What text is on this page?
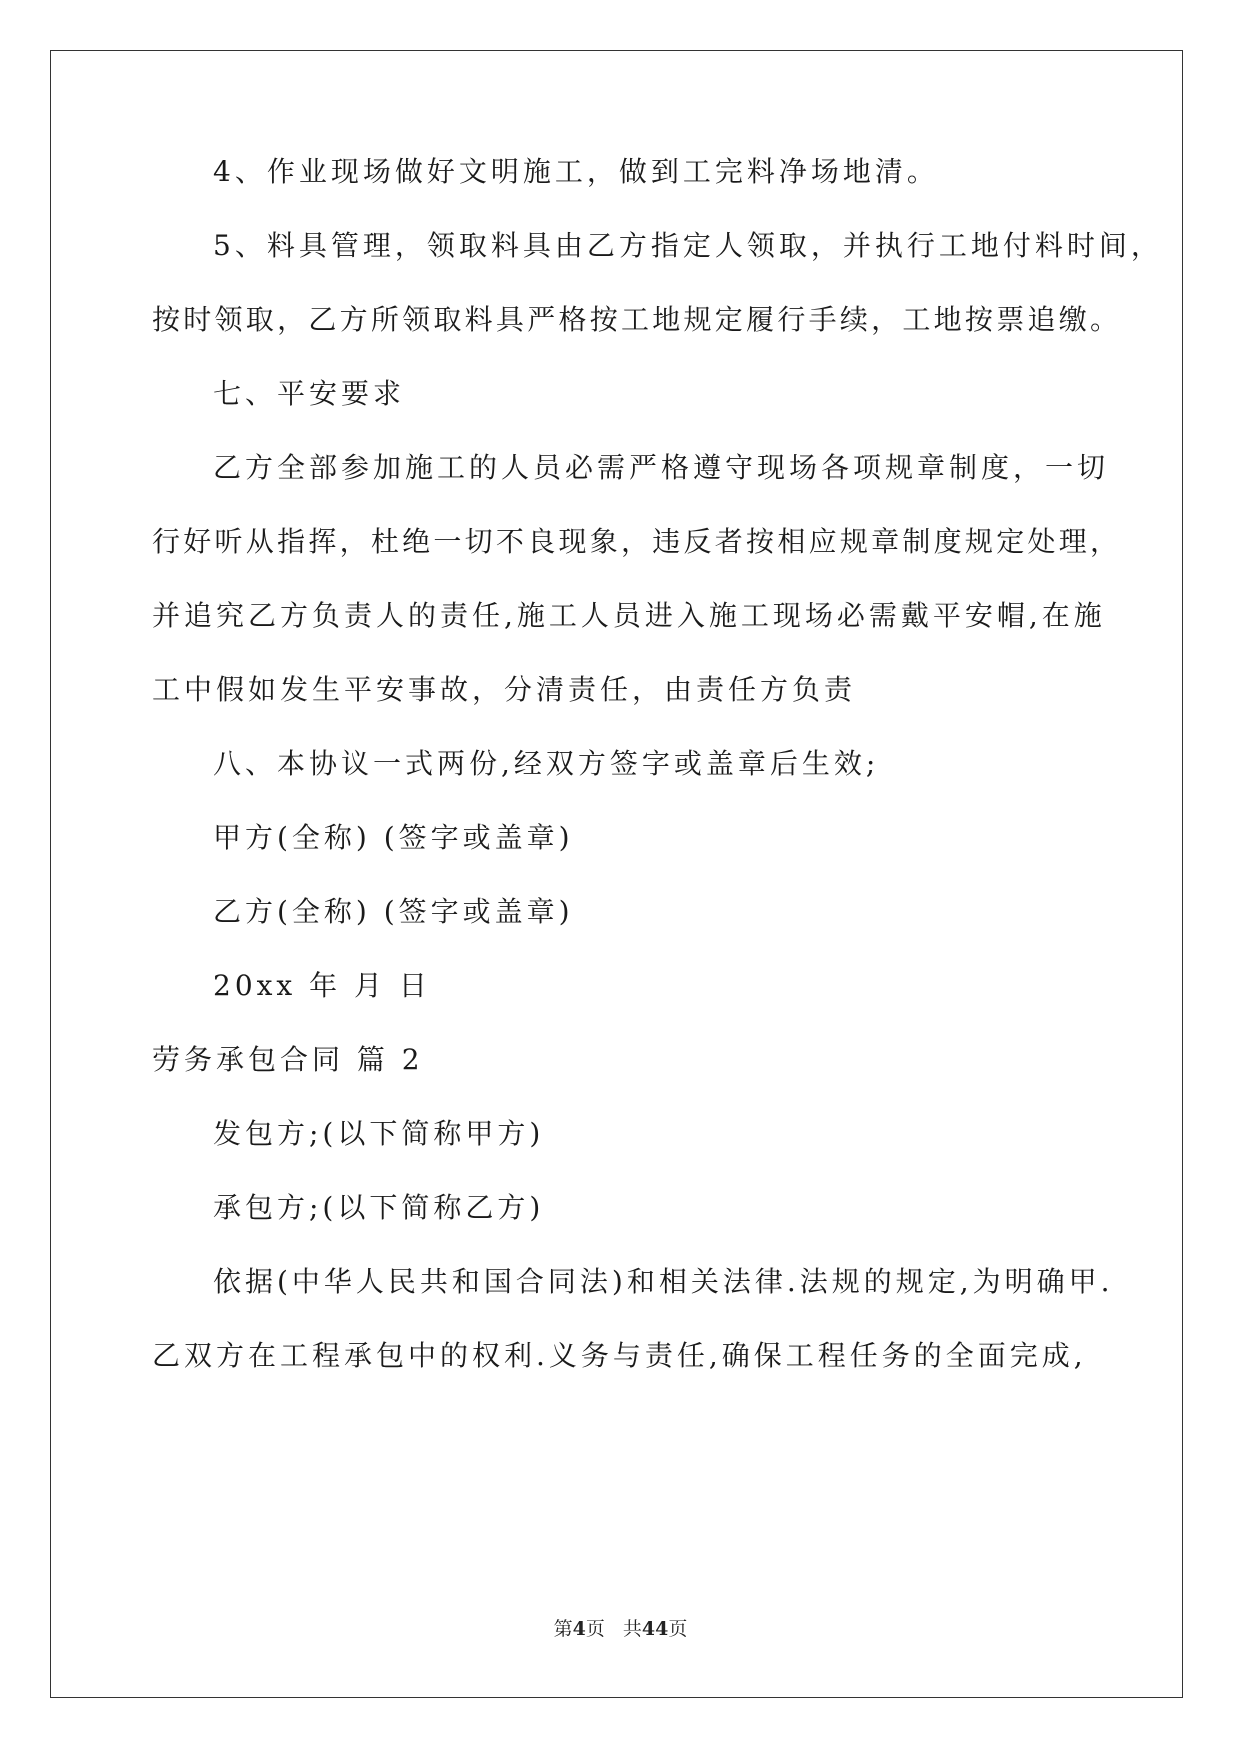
4、作业现场做好文明施工，做到工完料净场地清。
5、料具管理，领取料具由乙方指定人领取，并执行工地付料时间，
按时领取，乙方所领取料具严格按工地规定履行手续，工地按票追缴。
七、平安要求
乙方全部参加施工的人员必需严格遵守现场各项规章制度，一切
行好听从指挥，杜绝一切不良现象，违反者按相应规章制度规定处理，
并追究乙方负责人的责任,施工人员进入施工现场必需戴平安帽,在施
工中假如发生平安事故，分清责任，由责任方负责
八、本协议一式两份,经双方签字或盖章后生效;
甲方(全称) (签字或盖章)
乙方(全称) (签字或盖章)
20xx 年 月 日
劳务承包合同 篇 2
发包方;(以下简称甲方)
承包方;(以下简称乙方)
依据(中华人民共和国合同法)和相关法律.法规的规定,为明确甲.
乙双方在工程承包中的权利.义务与责任,确保工程任务的全面完成,
第4页 共44页
